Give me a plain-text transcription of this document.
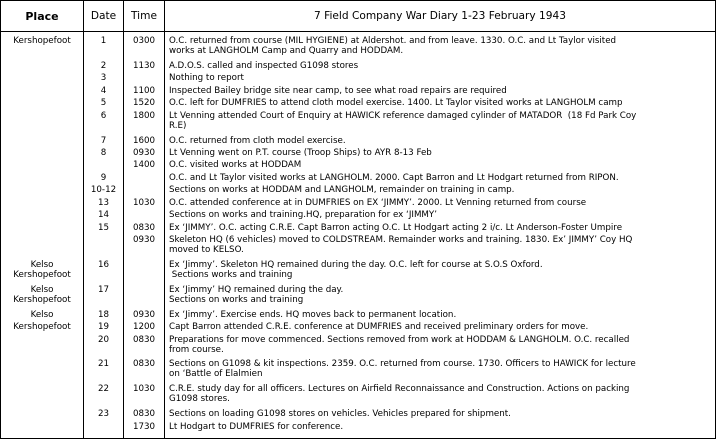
Place	Date	Time	7 Field Company War Diary 1-23 February 1943

Kershopefoot	1	0300	O.C. returned from course (MIL HYGIENE) at Aldershot. and from leave. 1330. O.C. and Lt Taylor visited
works at LANGHOLM Camp and Quarry and HODDAM.

	2	1130	A.D.O.S. called and inspected G1098 stores

	3		Nothing to report

	4	1100	Inspected Bailey bridge site near camp, to see what road repairs are required

	5	1520	O.C. left for DUMFRIES to attend cloth model exercise. 1400. Lt Taylor visited works at LANGHOLM camp

	6	1800	Lt Venning attended Court of Enquiry at HAWICK reference damaged cylinder of MATADOR  (18 Fd Park Coy
R.E)

	7	1600	O.C. returned from cloth model exercise.

	8	0930	Lt Venning went on P.T. course (Troop Ships) to AYR 8-13 Feb

		1400	O.C. visited works at HODDAM

	9		O.C. and Lt Taylor visited works at LANGHOLM. 2000. Capt Barron and Lt Hodgart returned from RIPON.

	10-12		Sections on works at HODDAM and LANGHOLM, remainder on training in camp.

	13	1030	O.C. attended conference at in DUMFRIES on EX ‘JIMMY’. 2000. Lt Venning returned from course

	14		Sections on works and training.HQ, preparation for ex ‘JIMMY’

	15	0830	Ex ‘JIMMY’. O.C. acting C.R.E. Capt Barron acting O.C. Lt Hodgart acting 2 i/c. Lt Anderson-Foster Umpire

		0930	Skeleton HQ (6 vehicles) moved to COLDSTREAM. Remainder works and training. 1830. Ex’ JIMMY’ Coy HQ
moved to KELSO.

Kelso
Kershopefoot	16		Ex ‘Jimmy’. Skeleton HQ remained during the day. O.C. left for course at S.O.S Oxford.
Sections works and training

Kelso
Kershopefoot	17		Ex ‘Jimmy’ HQ remained during the day.
Sections on works and training

Kelso	18	0930	Ex ‘Jimmy’. Exercise ends. HQ moves back to permanent location.

Kershopefoot	19	1200	Capt Barron attended C.R.E. conference at DUMFRIES and received preliminary orders for move.

	20	0830	Preparations for move commenced. Sections removed from work at HODDAM & LANGHOLM. O.C. recalled
from course.

	21	0830	Sections on G1098 & kit inspections. 2359. O.C. returned from course. 1730. Officers to HAWICK for lecture
on ‘Battle of Elalmien

	22	1030	C.R.E. study day for all officers. Lectures on Airfield Reconnaissance and Construction. Actions on packing
G1098 stores.

	23	0830	Sections on loading G1098 stores on vehicles. Vehicles prepared for shipment.

		1730	Lt Hodgart to DUMFRIES for conference.
